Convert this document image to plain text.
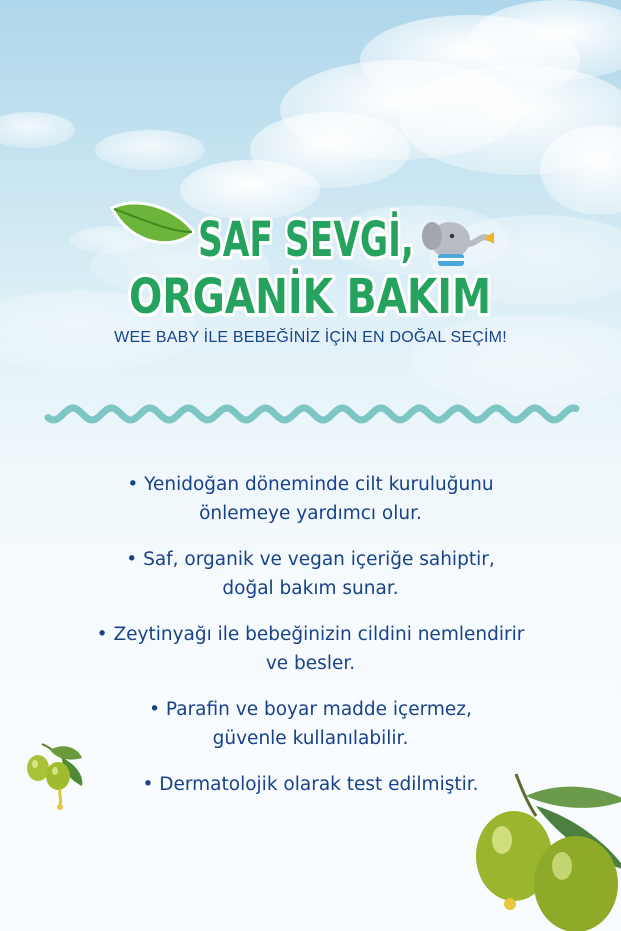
SAF SEVGİ,
ORGANİK BAKIM
WEE BABY İLE BEBEĞİNİZ İÇİN EN DOĞAL SEÇİM!
• Yenidoğan döneminde cilt kuruluğunu
önlemeye yardımcı olur.
• Saf, organik ve vegan içeriğe sahiptir,
doğal bakım sunar.
• Zeytinyağı ile bebeğinizin cildini nemlendirir
ve besler.
• Parafin ve boyar madde içermez,
güvenle kullanılabilir.
• Dermatolojik olarak test edilmiştir.
